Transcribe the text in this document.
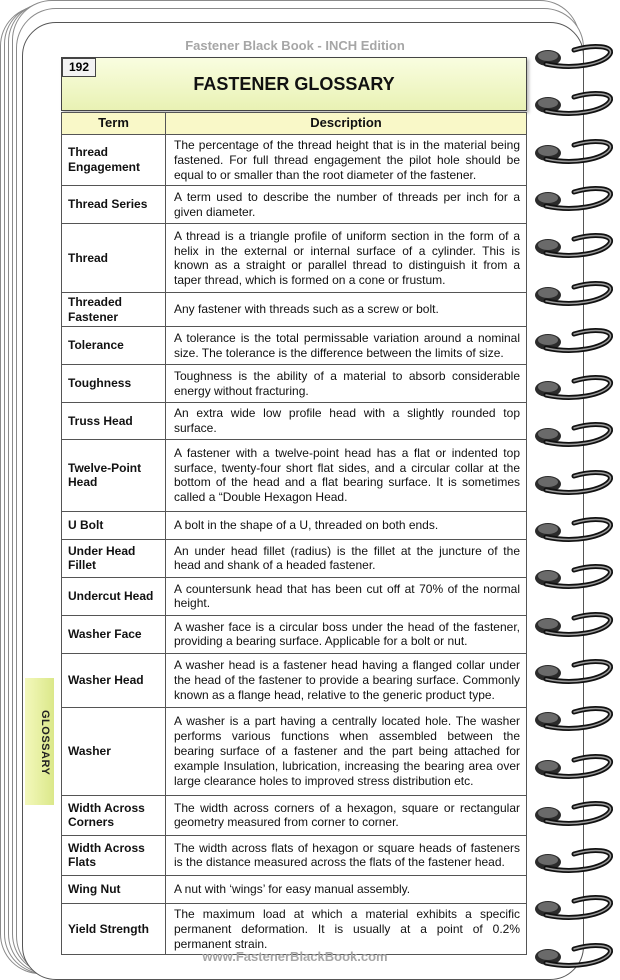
Fastener Black Book - INCH Edition
192
FASTENER GLOSSARY
Term	Description
Thread Engagement	The percentage of the thread height that is in the material being fastened. For full thread engagement the pilot hole should be equal to or smaller than the root diameter of the fastener.
Thread Series	A term used to describe the number of threads per inch for a given diameter.
Thread	A thread is a triangle profile of uniform section in the form of a helix in the external or internal surface of a cylinder. This is known as a straight or parallel thread to distinguish it from a taper thread, which is formed on a cone or frustum.
Threaded Fastener	Any fastener with threads such as a screw or bolt.
Tolerance	A tolerance is the total permissable variation around a nominal size. The tolerance is the difference between the limits of size.
Toughness	Toughness is the ability of a material to absorb considerable energy without fracturing.
Truss Head	An extra wide low profile head with a slightly rounded top surface.
Twelve-Point Head	A fastener with a twelve-point head has a flat or indented top surface, twenty-four short flat sides, and a circular collar at the bottom of the head and a flat bearing surface. It is sometimes called a “Double Hexagon Head.
U Bolt	A bolt in the shape of a U, threaded on both ends.
Under Head Fillet	An under head fillet (radius) is the fillet at the juncture of the head and shank of a headed fastener.
Undercut Head	A countersunk head that has been cut off at 70% of the normal height.
Washer Face	A washer face is a circular boss under the head of the fastener, providing a bearing surface. Applicable for a bolt or nut.
Washer Head	A washer head is a fastener head having a flanged collar under the head of the fastener to provide a bearing surface. Commonly known as a flange head, relative to the generic product type.
Washer	A washer is a part having a centrally located hole. The washer performs various functions when assembled between the bearing surface of a fastener and the part being attached for example Insulation, lubrication, increasing the bearing area over large clearance holes to improved stress distribution etc.
Width Across Corners	The width across corners of a hexagon, square or rectangular geometry measured from corner to corner.
Width Across Flats	The width across flats of hexagon or square heads of fasteners is the distance measured across the flats of the fastener head.
Wing Nut	A nut with ‘wings’ for easy manual assembly.
Yield Strength	The maximum load at which a material exhibits a specific permanent deformation. It is usually at a point of 0.2% permanent strain.
GLOSSARY
www.FastenerBlackBook.com
